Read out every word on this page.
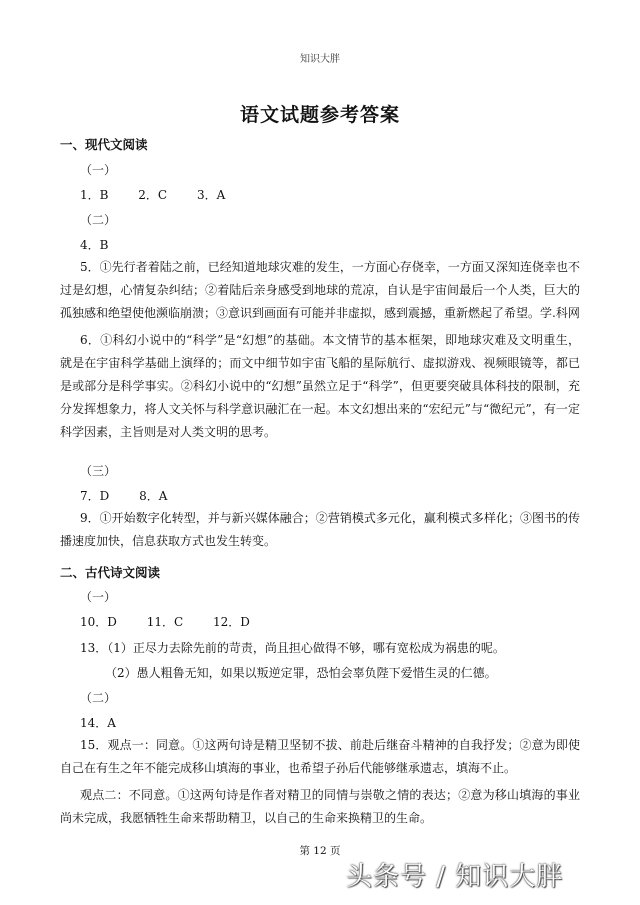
知识大胖
语文试题参考答案
一、现代文阅读
（一）
1．B 2．C 3．A
（二）
4．B
5．①先行者着陆之前，已经知道地球灾难的发生，一方面心存侥幸，一方面又深知连侥幸也不过是幻想，心情复杂纠结；②着陆后亲身感受到地球的荒凉，自认是宇宙间最后一个人类，巨大的孤独感和绝望使他濒临崩溃；③意识到画面有可能并非虚拟，感到震撼，重新燃起了希望。学.科网
6．①科幻小说中的“科学”是“幻想”的基础。本文情节的基本框架，即地球灾难及文明重生，就是在宇宙科学基础上演绎的；而文中细节如宇宙飞船的星际航行、虚拟游戏、视频眼镜等，都已是或部分是科学事实。②科幻小说中的“幻想”虽然立足于“科学”，但更要突破具体科技的限制，充分发挥想象力，将人文关怀与科学意识融汇在一起。本文幻想出来的“宏纪元”与“微纪元”，有一定科学因素，主旨则是对人类文明的思考。
（三）
7．D 8．A
9．①开始数字化转型，并与新兴媒体融合；②营销模式多元化，赢利模式多样化；③图书的传播速度加快，信息获取方式也发生转变。
二、古代诗文阅读
（一）
10．D 11．C 12．D
13．（1）正尽力去除先前的苛责，尚且担心做得不够，哪有宽松成为祸患的呢。
（2）愚人粗鲁无知，如果以叛逆定罪，恐怕会辜负陛下爱惜生灵的仁德。
（二）
14．A
15．观点一：同意。①这两句诗是精卫坚韧不拔、前赴后继奋斗精神的自我抒发；②意为即使自己在有生之年不能完成移山填海的事业，也希望子孙后代能够继承遗志，填海不止。
观点二：不同意。①这两句诗是作者对精卫的同情与崇敬之情的表达；②意为移山填海的事业尚未完成，我愿牺牲生命来帮助精卫，以自己的生命来换精卫的生命。
第 12 页
头条号 / 知识大胖
